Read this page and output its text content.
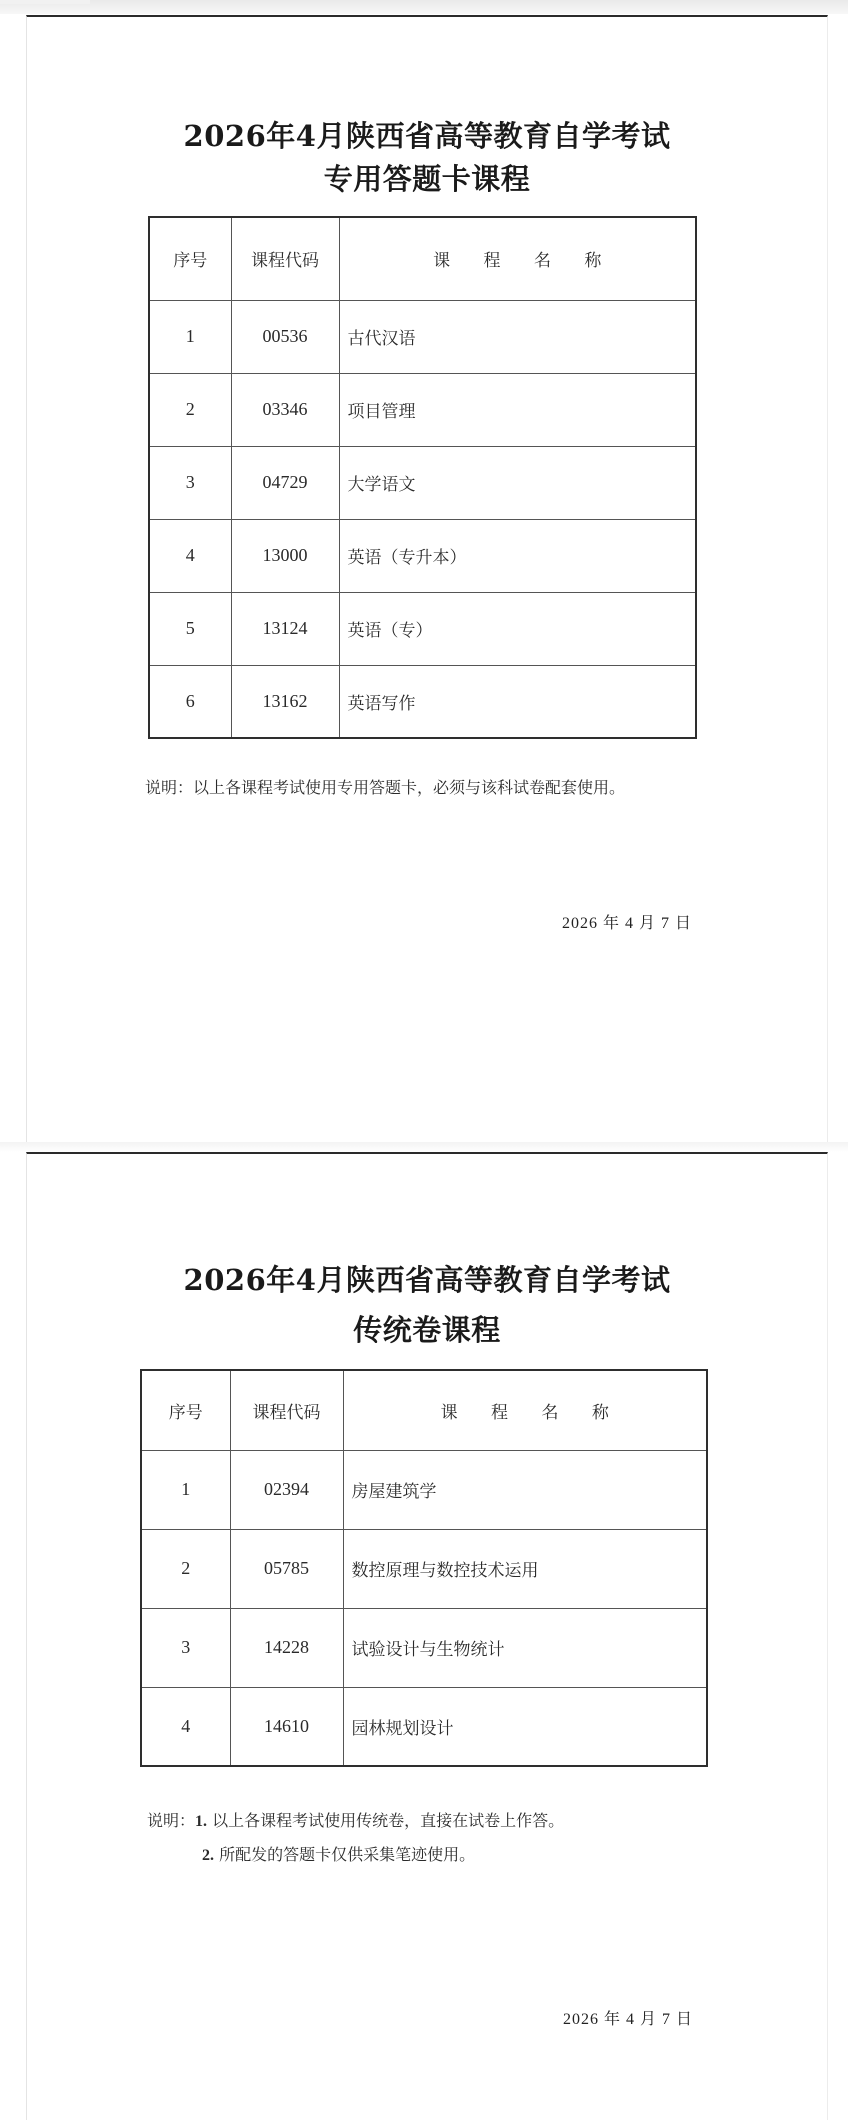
2026年4月陕西省高等教育自学考试
专用答题卡课程
序号	课程代码	课 程 名 称
1	00536	古代汉语
2	03346	项目管理
3	04729	大学语文
4	13000	英语（专升本）
5	13124	英语（专）
6	13162	英语写作
说明：以上各课程考试使用专用答题卡，必须与该科试卷配套使用。
2026 年 4 月 7 日
2026年4月陕西省高等教育自学考试
传统卷课程
序号	课程代码	课 程 名 称
1	02394	房屋建筑学
2	05785	数控原理与数控技术运用
3	14228	试验设计与生物统计
4	14610	园林规划设计
说明：1. 以上各课程考试使用传统卷，直接在试卷上作答。
2. 所配发的答题卡仅供采集笔迹使用。
2026 年 4 月 7 日
